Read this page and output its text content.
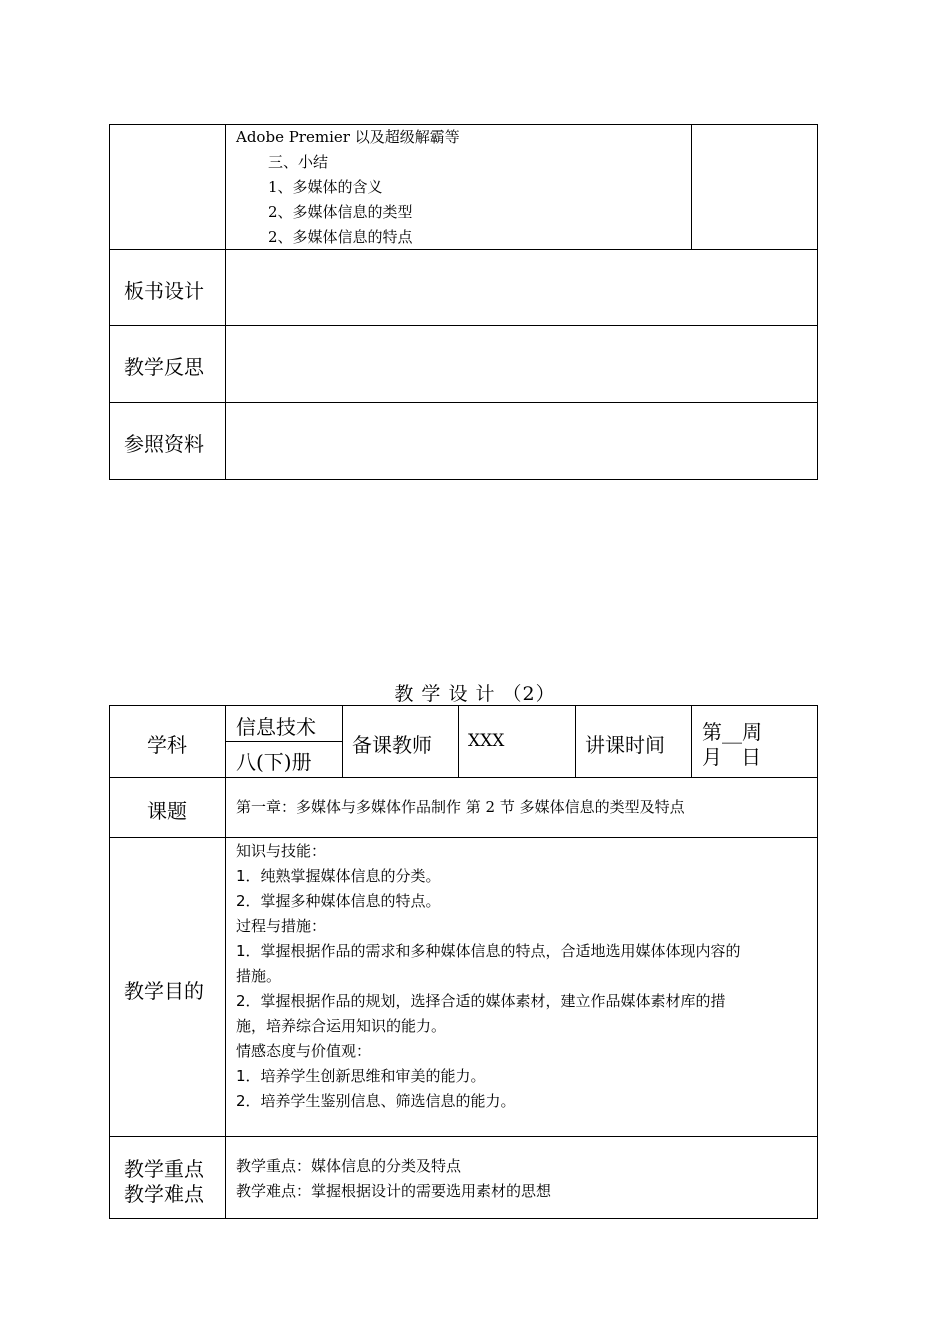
Adobe Premier 以及超级解霸等
三、小结
1、多媒体的含义
2、多媒体信息的类型
2、多媒体信息的特点
板书设计
教学反思
参照资料
教 学 设 计 （2）
学科
信息技术
八(下)册
备课教师 XXX	讲课时间
第__周
月   日
课题	第一章：多媒体与多媒体作品制作 第 2 节 多媒体信息的类型及特点
教学目的
知识与技能：
1．纯熟掌握媒体信息的分类。
2．掌握多种媒体信息的特点。
过程与措施：
1．掌握根据作品的需求和多种媒体信息的特点，合适地选用媒体体现内容的
措施。
2．掌握根据作品的规划，选择合适的媒体素材，建立作品媒体素材库的措
施，培养综合运用知识的能力。
情感态度与价值观：
1．培养学生创新思维和审美的能力。
2．培养学生鉴别信息、筛选信息的能力。
教学重点
教学难点
教学重点：媒体信息的分类及特点
教学难点：掌握根据设计的需要选用素材的思想
